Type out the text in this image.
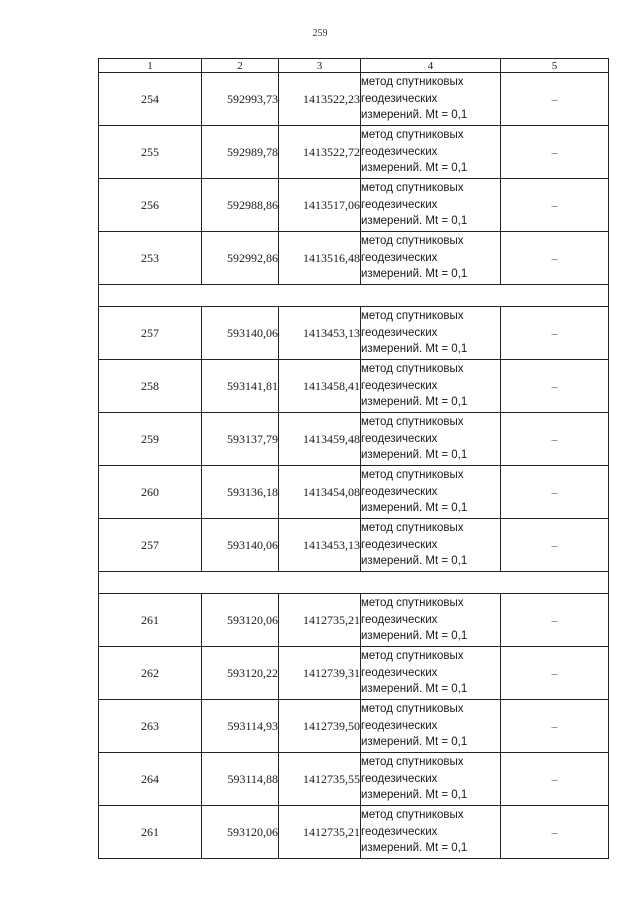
259
1	2	3	4	5
254	592993,73	1413522,23	метод спутниковых
геодезических
измерений. Mt = 0,1	–
255	592989,78	1413522,72	метод спутниковых
геодезических
измерений. Mt = 0,1	–
256	592988,86	1413517,06	метод спутниковых
геодезических
измерений. Mt = 0,1	–
253	592992,86	1413516,48	метод спутниковых
геодезических
измерений. Mt = 0,1	–

257	593140,06	1413453,13	метод спутниковых
геодезических
измерений. Mt = 0,1	–
258	593141,81	1413458,41	метод спутниковых
геодезических
измерений. Mt = 0,1	–
259	593137,79	1413459,48	метод спутниковых
геодезических
измерений. Mt = 0,1	–
260	593136,18	1413454,08	метод спутниковых
геодезических
измерений. Mt = 0,1	–
257	593140,06	1413453,13	метод спутниковых
геодезических
измерений. Mt = 0,1	–

261	593120,06	1412735,21	метод спутниковых
геодезических
измерений. Mt = 0,1	–
262	593120,22	1412739,31	метод спутниковых
геодезических
измерений. Mt = 0,1	–
263	593114,93	1412739,50	метод спутниковых
геодезических
измерений. Mt = 0,1	–
264	593114,88	1412735,55	метод спутниковых
геодезических
измерений. Mt = 0,1	–
261	593120,06	1412735,21	метод спутниковых
геодезических
измерений. Mt = 0,1	–
